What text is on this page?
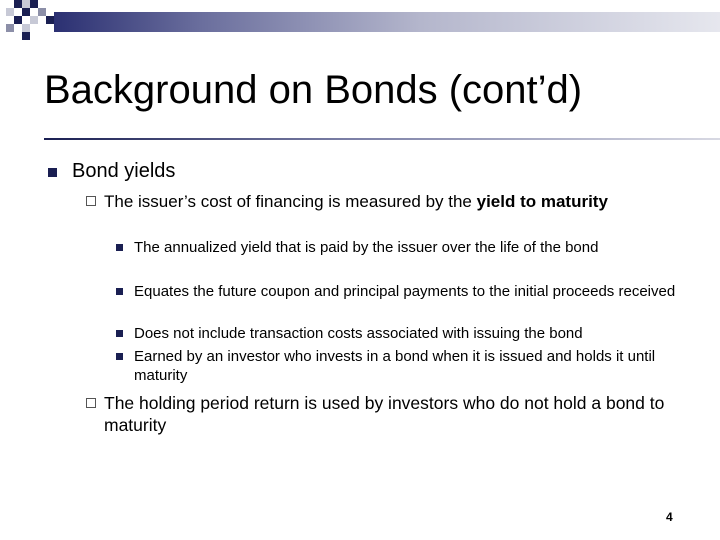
Background on Bonds (cont’d)
Bond yields
The issuer’s cost of financing is measured by the yield to maturity
The annualized yield that is paid by the issuer over the life of the bond
Equates the future coupon and principal payments to the initial proceeds received
Does not include transaction costs associated with issuing the bond
Earned by an investor who invests in a bond when it is issued and holds it until maturity
The holding period return is used by investors who do not hold a bond to maturity
4
